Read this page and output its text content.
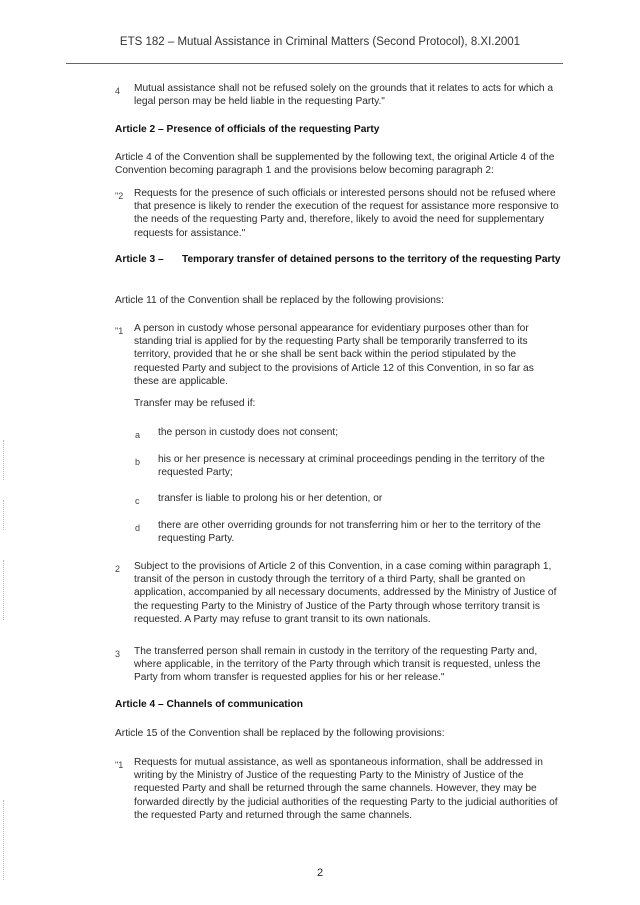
ETS 182 – Mutual Assistance in Criminal Matters (Second Protocol), 8.XI.2001
4 Mutual assistance shall not be refused solely on the grounds that it relates to acts for which a legal person may be held liable in the requesting Party."
Article 2 – Presence of officials of the requesting Party
Article 4 of the Convention shall be supplemented by the following text, the original Article 4 of the Convention becoming paragraph 1 and the provisions below becoming paragraph 2:
"2 Requests for the presence of such officials or interested persons should not be refused where that presence is likely to render the execution of the request for assistance more responsive to the needs of the requesting Party and, therefore, likely to avoid the need for supplementary requests for assistance."
Article 3 – Temporary transfer of detained persons to the territory of the requesting Party
Article 11 of the Convention shall be replaced by the following provisions:
"1 A person in custody whose personal appearance for evidentiary purposes other than for standing trial is applied for by the requesting Party shall be temporarily transferred to its territory, provided that he or she shall be sent back within the period stipulated by the requested Party and subject to the provisions of Article 12 of this Convention, in so far as these are applicable.
Transfer may be refused if:
a the person in custody does not consent;
b his or her presence is necessary at criminal proceedings pending in the territory of the requested Party;
c transfer is liable to prolong his or her detention, or
d there are other overriding grounds for not transferring him or her to the territory of the requesting Party.
2 Subject to the provisions of Article 2 of this Convention, in a case coming within paragraph 1, transit of the person in custody through the territory of a third Party, shall be granted on application, accompanied by all necessary documents, addressed by the Ministry of Justice of the requesting Party to the Ministry of Justice of the Party through whose territory transit is requested. A Party may refuse to grant transit to its own nationals.
3 The transferred person shall remain in custody in the territory of the requesting Party and, where applicable, in the territory of the Party through which transit is requested, unless the Party from whom transfer is requested applies for his or her release."
Article 4 – Channels of communication
Article 15 of the Convention shall be replaced by the following provisions:
"1 Requests for mutual assistance, as well as spontaneous information, shall be addressed in writing by the Ministry of Justice of the requesting Party to the Ministry of Justice of the requested Party and shall be returned through the same channels. However, they may be forwarded directly by the judicial authorities of the requesting Party to the judicial authorities of the requested Party and returned through the same channels.
2
